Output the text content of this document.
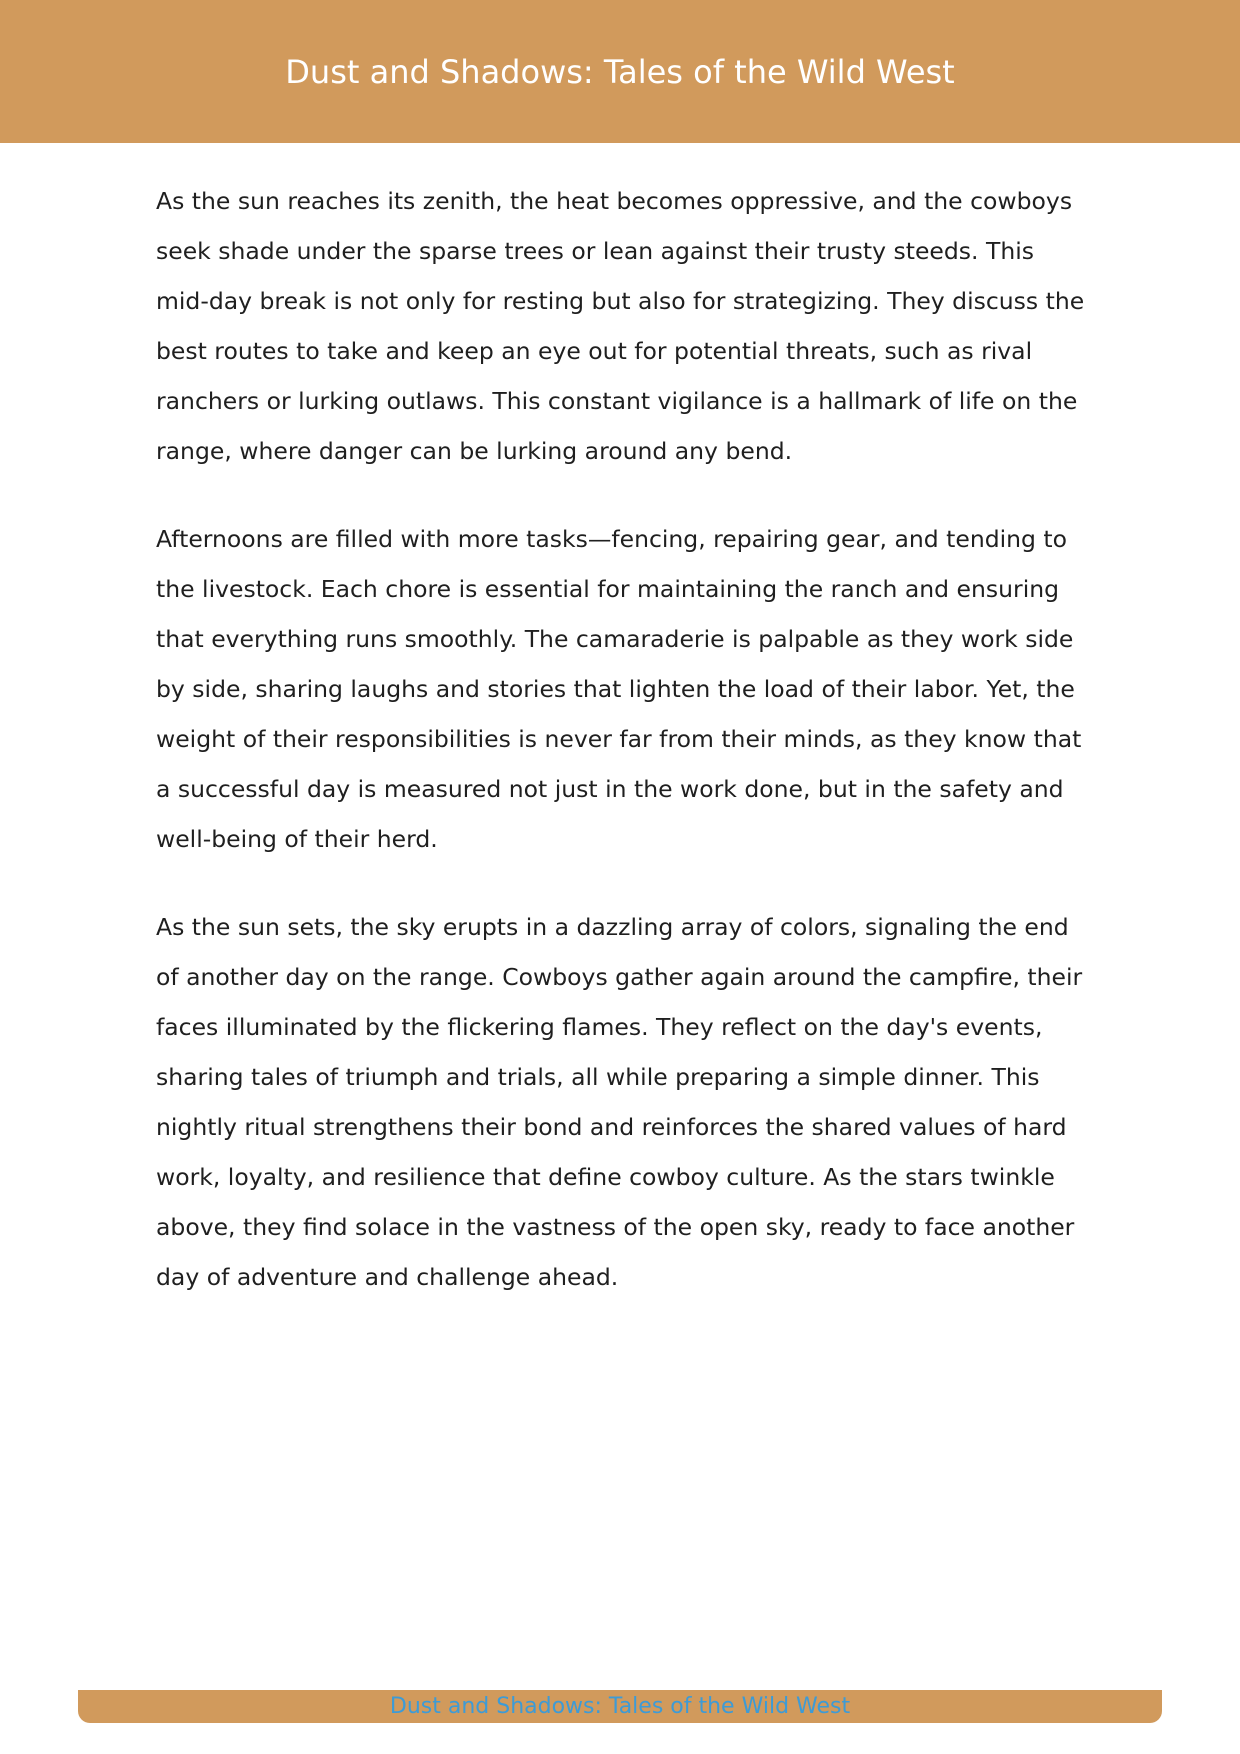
Dust and Shadows: Tales of the Wild West

As the sun reaches its zenith, the heat becomes oppressive, and the cowboys seek shade under the sparse trees or lean against their trusty steeds. This mid-day break is not only for resting but also for strategizing. They discuss the best routes to take and keep an eye out for potential threats, such as rival ranchers or lurking outlaws. This constant vigilance is a hallmark of life on the range, where danger can be lurking around any bend.

Afternoons are filled with more tasks—fencing, repairing gear, and tending to the livestock. Each chore is essential for maintaining the ranch and ensuring that everything runs smoothly. The camaraderie is palpable as they work side by side, sharing laughs and stories that lighten the load of their labor. Yet, the weight of their responsibilities is never far from their minds, as they know that a successful day is measured not just in the work done, but in the safety and well-being of their herd.

As the sun sets, the sky erupts in a dazzling array of colors, signaling the end of another day on the range. Cowboys gather again around the campfire, their faces illuminated by the flickering flames. They reflect on the day's events, sharing tales of triumph and trials, all while preparing a simple dinner. This nightly ritual strengthens their bond and reinforces the shared values of hard work, loyalty, and resilience that define cowboy culture. As the stars twinkle above, they find solace in the vastness of the open sky, ready to face another day of adventure and challenge ahead.

Dust and Shadows: Tales of the Wild West
